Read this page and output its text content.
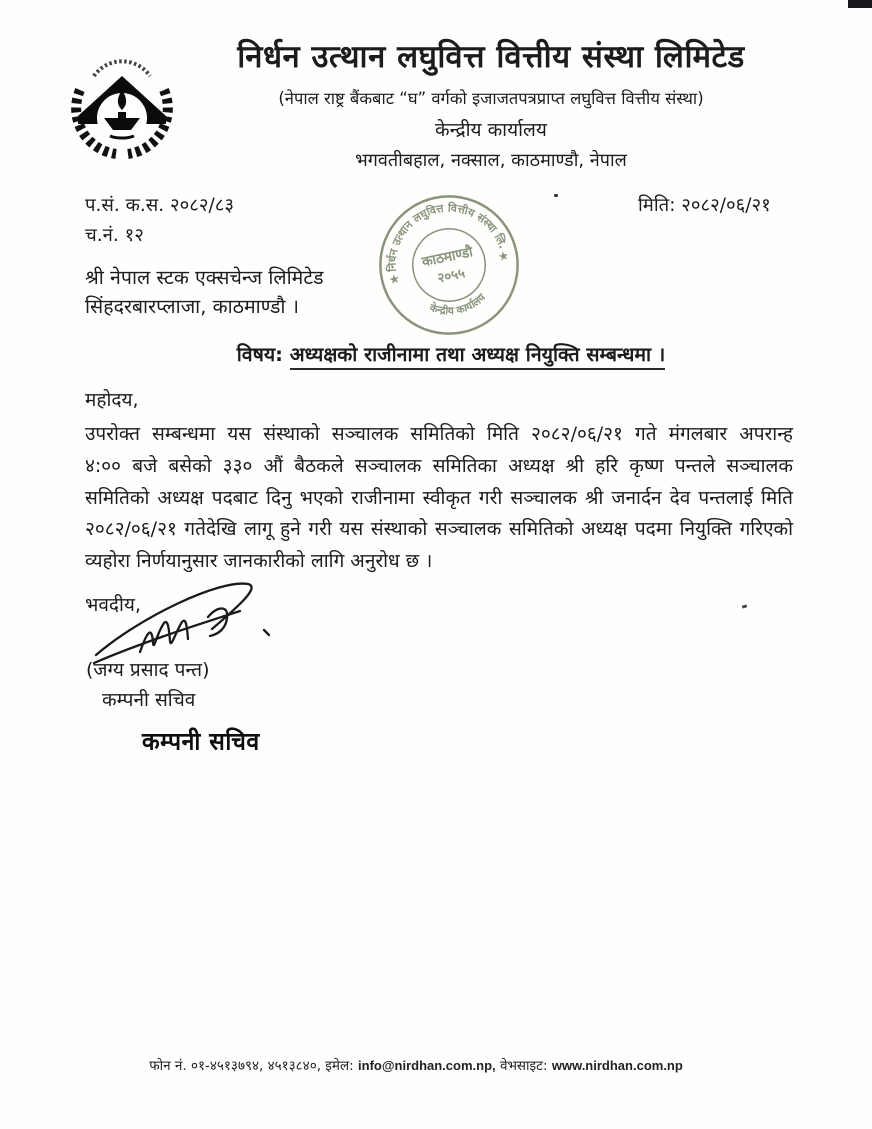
निर्धन उत्थान लघुवित्त वित्तीय संस्था लिमिटेड
(नेपाल राष्ट्र बैंकबाट “घ” वर्गको इजाजतपत्रप्राप्त लघुवित्त वित्तीय संस्था)
केन्द्रीय कार्यालय
भगवतीबहाल, नक्साल, काठमाण्डौ, नेपाल
प.सं. क.स. २०८२/८३
च.नं. १२
मिति: २०८२/०६/२१
श्री नेपाल स्टक एक्सचेन्ज लिमिटेड
सिंहदरबारप्लाजा, काठमाण्डौ ।
निर्धन उत्थान लघुवित्त वित्तीय संस्था लि.
केन्द्रीय कार्यालय
काठमाण्डौ
२०५५
★
★
विषय: अध्यक्षको राजीनामा तथा अध्यक्ष नियुक्ति सम्बन्धमा ।
महोदय,
उपरोक्त सम्बन्धमा यस संस्थाको सञ्चालक समितिको मिति २०८२/०६/२१ गते मंगलबार अपरान्ह
४:०० बजे बसेको ३३० औं बैठकले सञ्चालक समितिका अध्यक्ष श्री हरि कृष्ण पन्तले सञ्चालक
समितिको अध्यक्ष पदबाट दिनु भएको राजीनामा स्वीकृत गरी सञ्चालक श्री जनार्दन देव पन्तलाई मिति
२०८२/०६/२१ गतेदेखि लागू हुने गरी यस संस्थाको सञ्चालक समितिको अध्यक्ष पदमा नियुक्ति गरिएको
व्यहोरा निर्णयानुसार जानकारीको लागि अनुरोध छ ।
भवदीय,
(जग्य प्रसाद पन्त)
कम्पनी सचिव
कम्पनी सचिव
फोन नं. ०१-४५१३७९४, ४५१३८४०, इमेल: info@nirdhan.com.np, वेभसाइट: www.nirdhan.com.np
